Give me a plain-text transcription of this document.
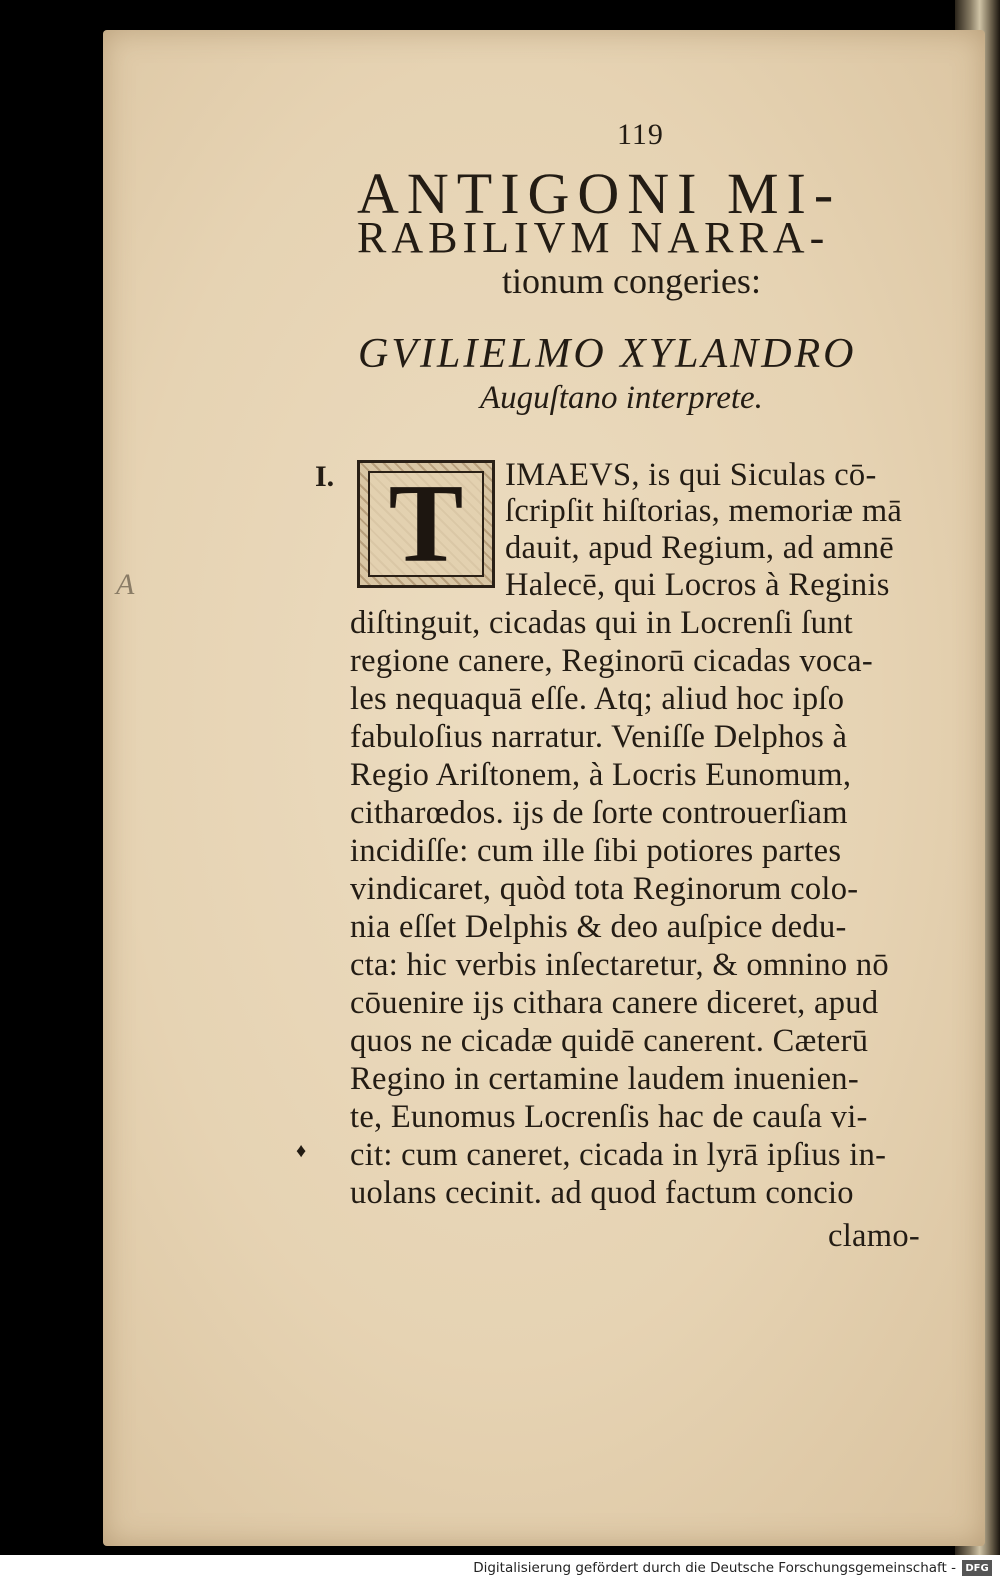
119
ANTIGONI MI-
RABILIVM NARRA-
tionum congeries:
GVILIELMO XYLANDRO
Auguſtano interprete.
I.
A
♦
T IMAEVS, is qui Siculas cō-
ſcripſit hiſtorias, memoriæ mā
dauit, apud Regium, ad amnē
Halecē, qui Locros à Reginis
diſtinguit, cicadas qui in Locrenſi ſunt
regione canere, Reginorū cicadas voca-
les nequaquā eſſe. Atq; aliud hoc ipſo
fabuloſius narratur. Veniſſe Delphos à
Regio Ariſtonem, à Locris Eunomum,
citharœdos. ijs de ſorte controuerſiam
incidiſſe: cum ille ſibi potiores partes
vindicaret, quòd tota Reginorum colo-
nia eſſet Delphis & deo auſpice dedu-
cta: hic verbis inſectaretur, & omnino nō
cōuenire ijs cithara canere diceret, apud
quos ne cicadæ quidē canerent. Cæterū
Regino in certamine laudem inuenien-
te, Eunomus Locrenſis hac de cauſa vi-
cit: cum caneret, cicada in lyrā ipſius in-
uolans cecinit. ad quod factum concio
clamo-
Digitalisierung gefördert durch die Deutsche Forschungsgemeinschaft - DFG
